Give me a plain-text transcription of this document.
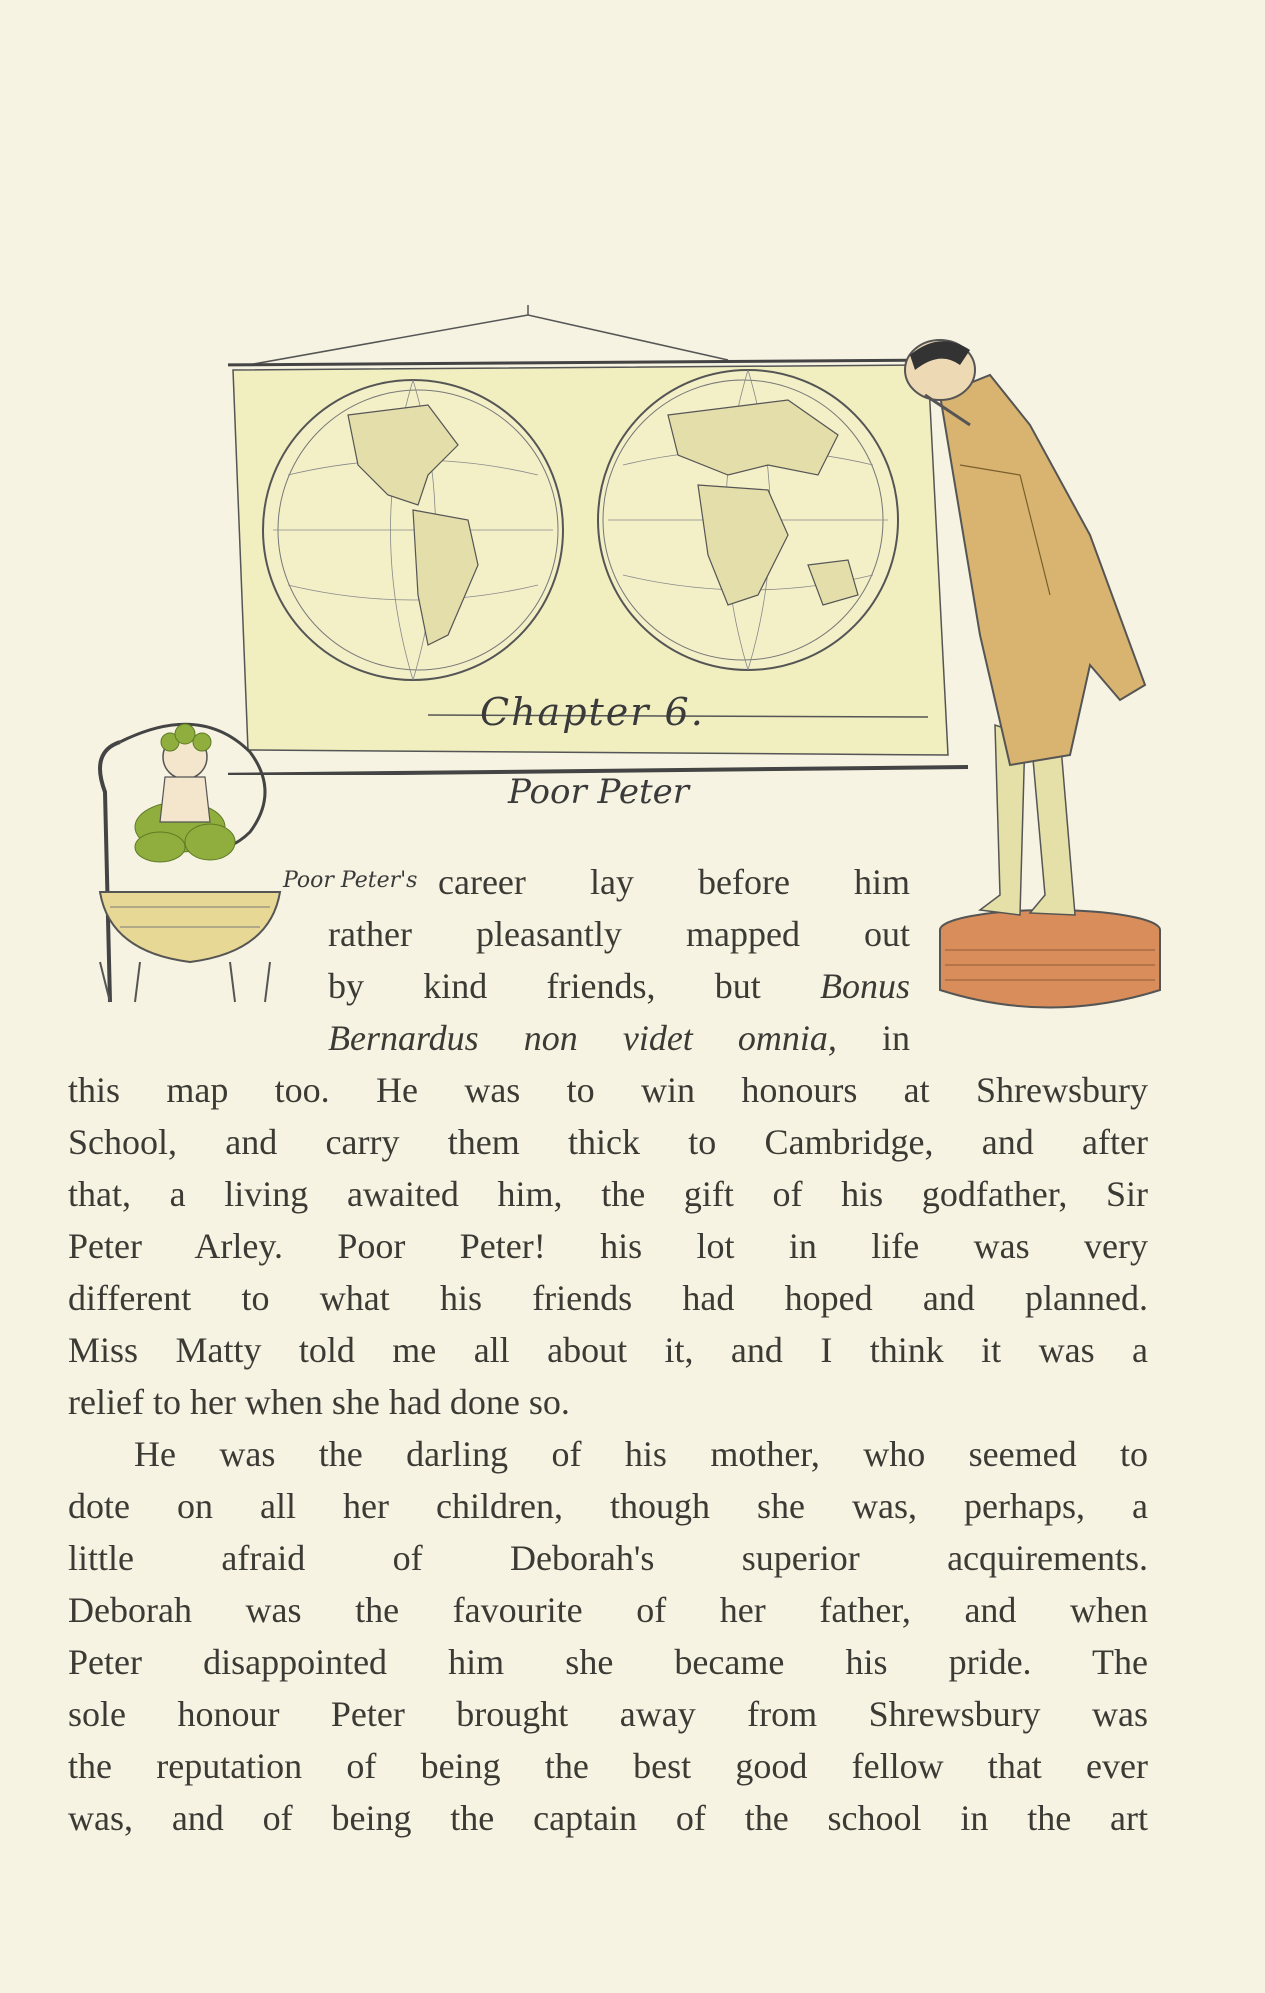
Chapter 6.
Poor Peter
Poor Peter's career lay before him
rather pleasantly mapped out
by kind friends, but Bonus
Bernardus non videt omnia, in
this map too. He was to win honours at Shrewsbury
School, and carry them thick to Cambridge, and after
that, a living awaited him, the gift of his godfather, Sir
Peter Arley. Poor Peter! his lot in life was very
different to what his friends had hoped and planned.
Miss Matty told me all about it, and I think it was a
relief to her when she had done so.
He was the darling of his mother, who seemed to
dote on all her children, though she was, perhaps, a
little afraid of Deborah's superior acquirements.
Deborah was the favourite of her father, and when
Peter disappointed him she became his pride. The
sole honour Peter brought away from Shrewsbury was
the reputation of being the best good fellow that ever
was, and of being the captain of the school in the art
